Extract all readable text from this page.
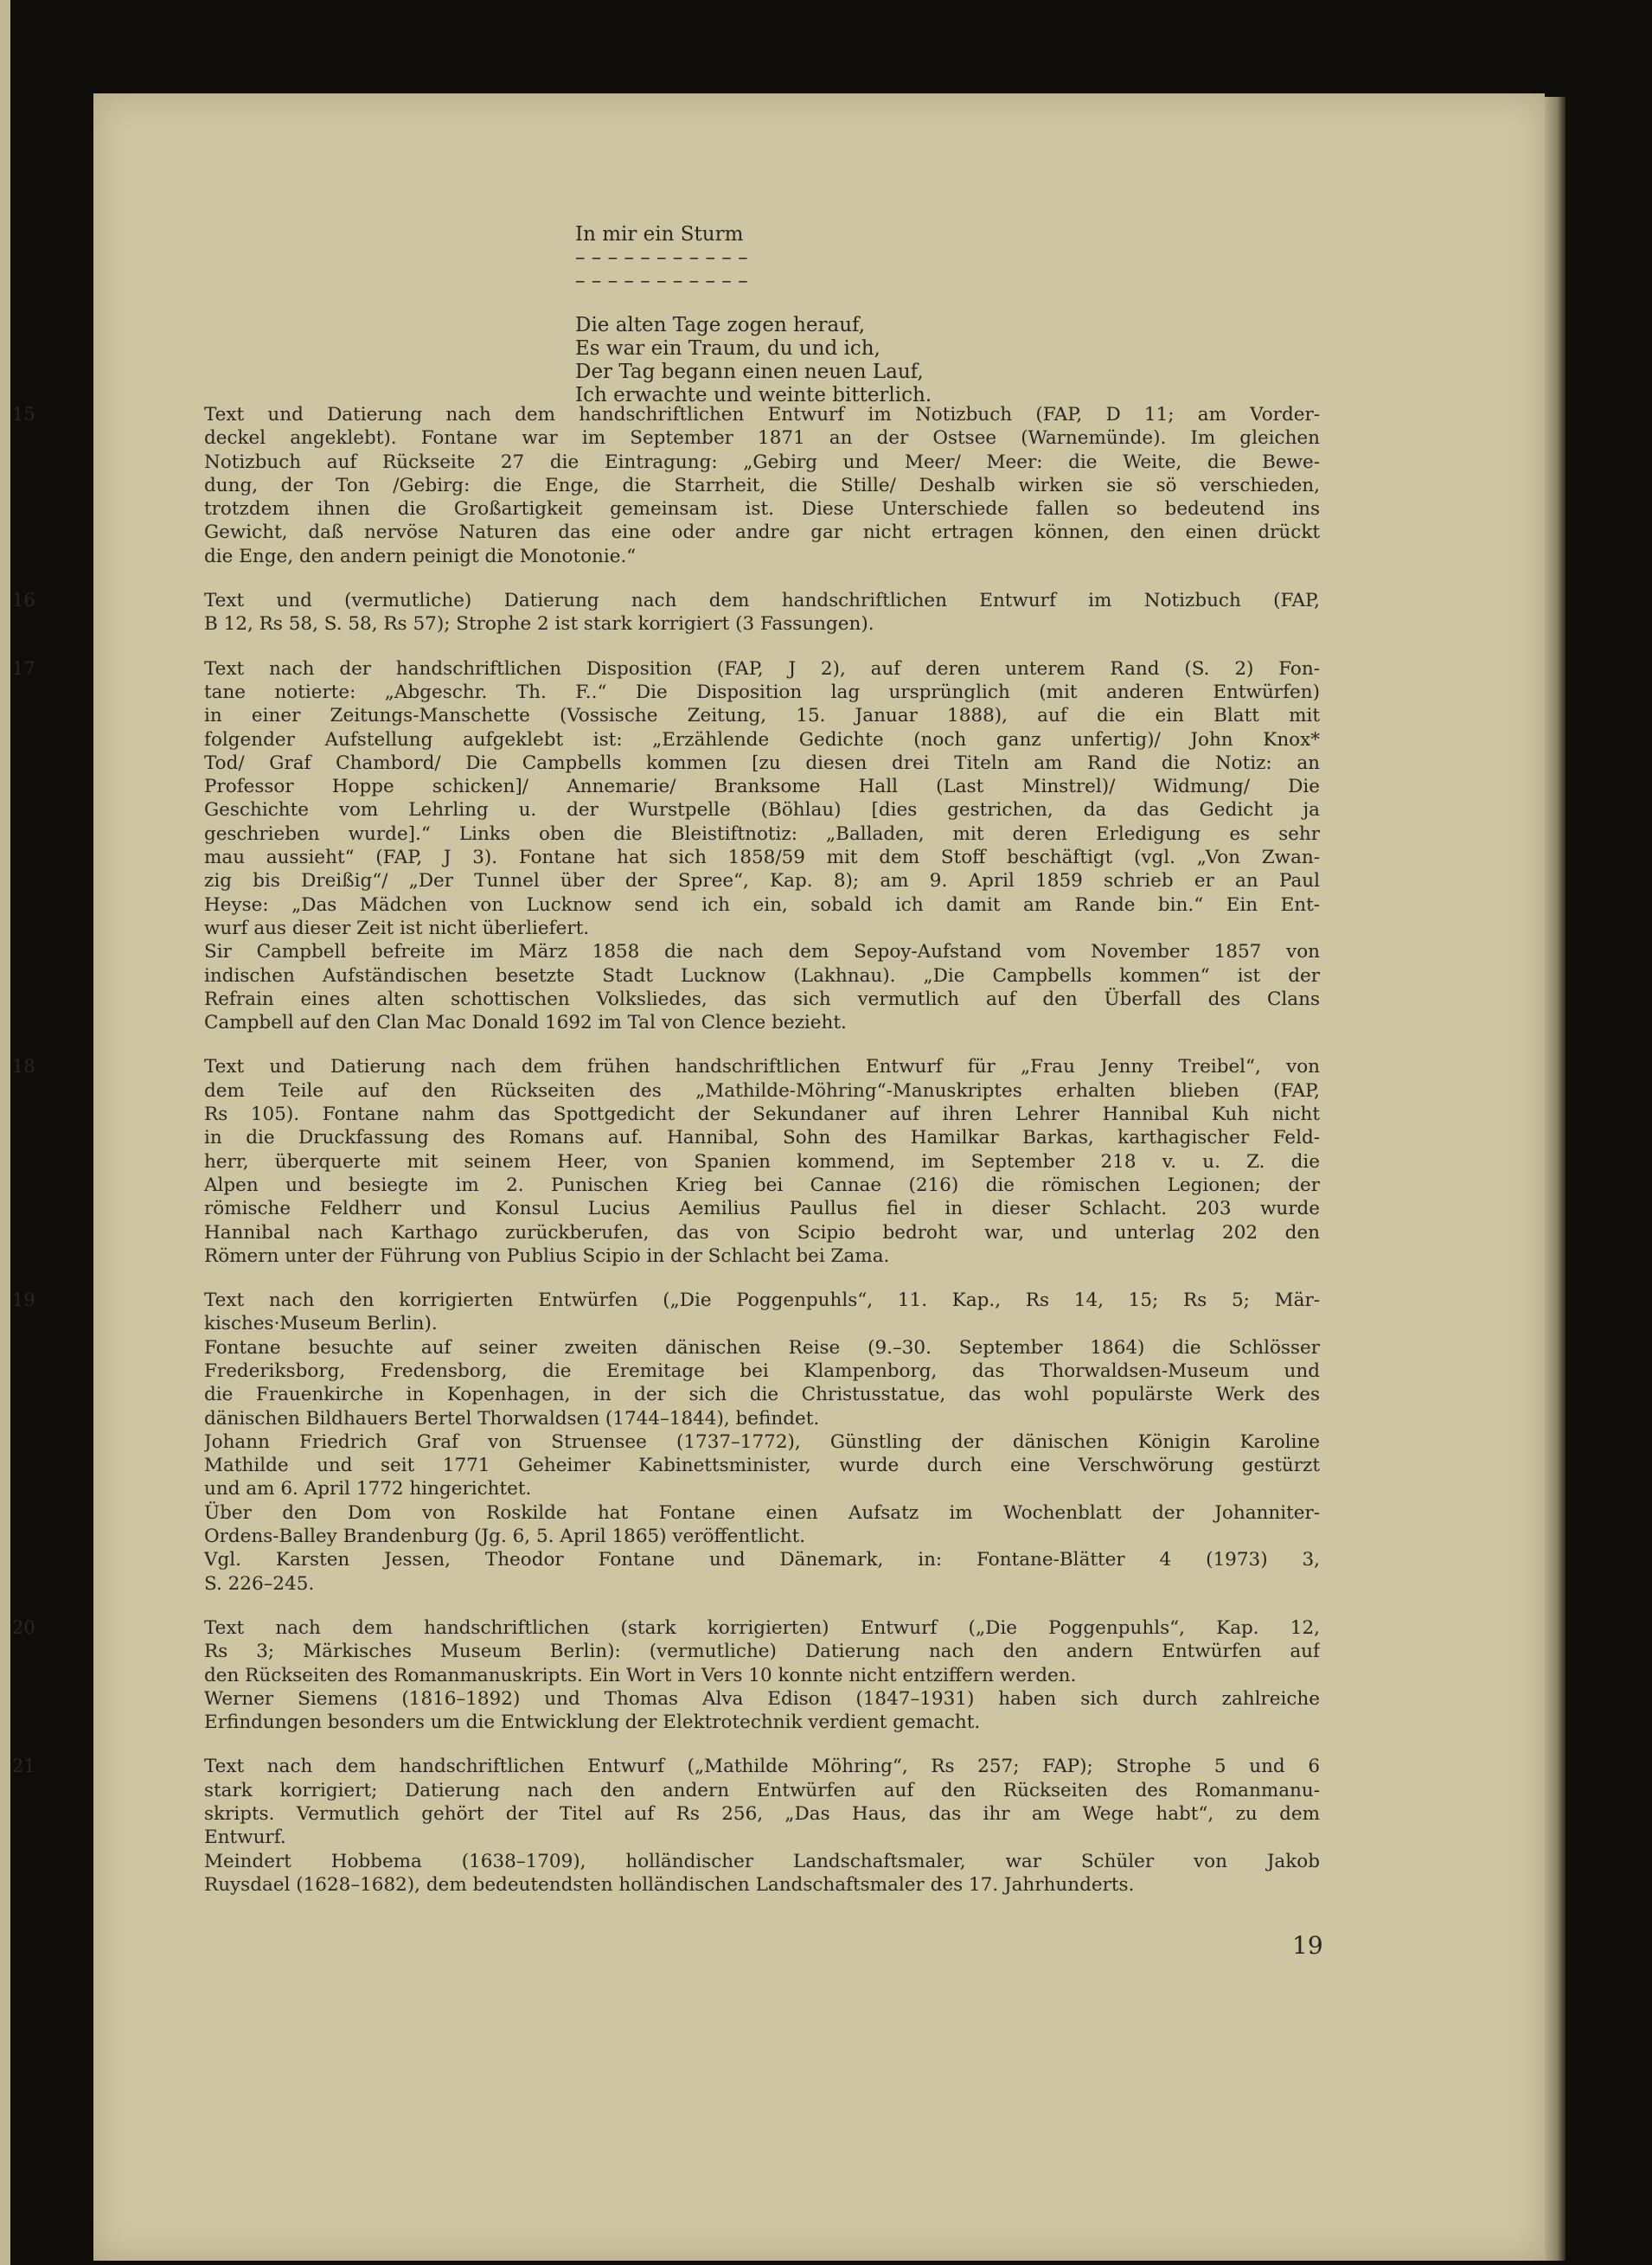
In mir ein Sturm
– – – – – – – – – – –
– – – – – – – – – – –
Die alten Tage zogen herauf,
Es war ein Traum, du und ich,
Der Tag begann einen neuen Lauf,
Ich erwachte und weinte bitterlich.
15	Text und Datierung nach dem handschriftlichen Entwurf im Notizbuch (FAP, D 11; am Vorder-
deckel angeklebt). Fontane war im September 1871 an der Ostsee (Warnemünde). Im gleichen
Notizbuch auf Rückseite 27 die Eintragung: „Gebirg und Meer/ Meer: die Weite, die Bewe-
dung, der Ton /Gebirg: die Enge, die Starrheit, die Stille/ Deshalb wirken sie sö verschieden,
trotzdem ihnen die Großartigkeit gemeinsam ist. Diese Unterschiede fallen so bedeutend ins
Gewicht, daß nervöse Naturen das eine oder andre gar nicht ertragen können, den einen drückt
die Enge, den andern peinigt die Monotonie.“
16	Text und (vermutliche) Datierung nach dem handschriftlichen Entwurf im Notizbuch (FAP,
B 12, Rs 58, S. 58, Rs 57); Strophe 2 ist stark korrigiert (3 Fassungen).
17	Text nach der handschriftlichen Disposition (FAP, J 2), auf deren unterem Rand (S. 2) Fon-
tane notierte: „Abgeschr. Th. F..“ Die Disposition lag ursprünglich (mit anderen Entwürfen)
in einer Zeitungs-Manschette (Vossische Zeitung, 15. Januar 1888), auf die ein Blatt mit
folgender Aufstellung aufgeklebt ist: „Erzählende Gedichte (noch ganz unfertig)/ John Knox*
Tod/ Graf Chambord/ Die Campbells kommen [zu diesen drei Titeln am Rand die Notiz: an
Professor Hoppe schicken]/ Annemarie/ Branksome Hall (Last Minstrel)/ Widmung/ Die
Geschichte vom Lehrling u. der Wurstpelle (Böhlau) [dies gestrichen, da das Gedicht ja
geschrieben wurde].“ Links oben die Bleistiftnotiz: „Balladen, mit deren Erledigung es sehr
mau aussieht“ (FAP, J 3). Fontane hat sich 1858/59 mit dem Stoff beschäftigt (vgl. „Von Zwan-
zig bis Dreißig“/ „Der Tunnel über der Spree“, Kap. 8); am 9. April 1859 schrieb er an Paul
Heyse: „Das Mädchen von Lucknow send ich ein, sobald ich damit am Rande bin.“ Ein Ent-
wurf aus dieser Zeit ist nicht überliefert.
Sir Campbell befreite im März 1858 die nach dem Sepoy-Aufstand vom November 1857 von
indischen Aufständischen besetzte Stadt Lucknow (Lakhnau). „Die Campbells kommen“ ist der
Refrain eines alten schottischen Volksliedes, das sich vermutlich auf den Überfall des Clans
Campbell auf den Clan Mac Donald 1692 im Tal von Clence bezieht.
18	Text und Datierung nach dem frühen handschriftlichen Entwurf für „Frau Jenny Treibel“, von
dem Teile auf den Rückseiten des „Mathilde-Möhring“-Manuskriptes erhalten blieben (FAP,
Rs 105). Fontane nahm das Spottgedicht der Sekundaner auf ihren Lehrer Hannibal Kuh nicht
in die Druckfassung des Romans auf. Hannibal, Sohn des Hamilkar Barkas, karthagischer Feld-
herr, überquerte mit seinem Heer, von Spanien kommend, im September 218 v. u. Z. die
Alpen und besiegte im 2. Punischen Krieg bei Cannae (216) die römischen Legionen; der
römische Feldherr und Konsul Lucius Aemilius Paullus fiel in dieser Schlacht. 203 wurde
Hannibal nach Karthago zurückberufen, das von Scipio bedroht war, und unterlag 202 den
Römern unter der Führung von Publius Scipio in der Schlacht bei Zama.
19	Text nach den korrigierten Entwürfen („Die Poggenpuhls“, 11. Kap., Rs 14, 15; Rs 5; Mär-
kisches·Museum Berlin).
Fontane besuchte auf seiner zweiten dänischen Reise (9.–30. September 1864) die Schlösser
Frederiksborg, Fredensborg, die Eremitage bei Klampenborg, das Thorwaldsen-Museum und
die Frauenkirche in Kopenhagen, in der sich die Christusstatue, das wohl populärste Werk des
dänischen Bildhauers Bertel Thorwaldsen (1744–1844), befindet.
Johann Friedrich Graf von Struensee (1737–1772), Günstling der dänischen Königin Karoline
Mathilde und seit 1771 Geheimer Kabinettsminister, wurde durch eine Verschwörung gestürzt
und am 6. April 1772 hingerichtet.
Über den Dom von Roskilde hat Fontane einen Aufsatz im Wochenblatt der Johanniter-
Ordens-Balley Brandenburg (Jg. 6, 5. April 1865) veröffentlicht.
Vgl. Karsten Jessen, Theodor Fontane und Dänemark, in: Fontane-Blätter 4 (1973) 3,
S. 226–245.
20	Text nach dem handschriftlichen (stark korrigierten) Entwurf („Die Poggenpuhls“, Kap. 12,
Rs 3; Märkisches Museum Berlin): (vermutliche) Datierung nach den andern Entwürfen auf
den Rückseiten des Romanmanuskripts. Ein Wort in Vers 10 konnte nicht entziffern werden.
Werner Siemens (1816–1892) und Thomas Alva Edison (1847–1931) haben sich durch zahlreiche
Erfindungen besonders um die Entwicklung der Elektrotechnik verdient gemacht.
21	Text nach dem handschriftlichen Entwurf („Mathilde Möhring“, Rs 257; FAP); Strophe 5 und 6
stark korrigiert; Datierung nach den andern Entwürfen auf den Rückseiten des Romanmanu-
skripts. Vermutlich gehört der Titel auf Rs 256, „Das Haus, das ihr am Wege habt“, zu dem
Entwurf.
Meindert Hobbema (1638–1709), holländischer Landschaftsmaler, war Schüler von Jakob
Ruysdael (1628–1682), dem bedeutendsten holländischen Landschaftsmaler des 17. Jahrhunderts.
19
